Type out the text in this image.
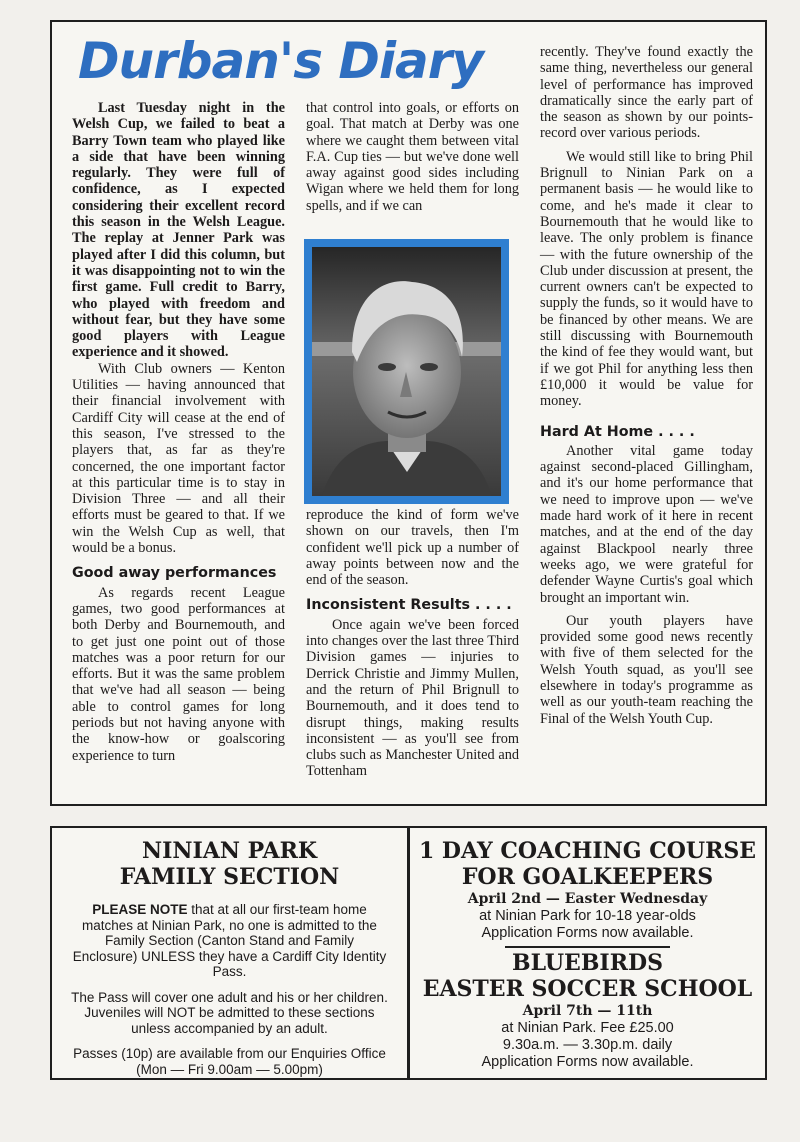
Durban's Diary

Last Tuesday night in the Welsh Cup, we failed to beat a Barry Town team who played like a side that have been winning regularly. They were full of confidence, as I expected considering their excellent record this season in the Welsh League. The replay at Jenner Park was played after I did this column, but it was disappointing not to win the first game. Full credit to Barry, who played with freedom and without fear, but they have some good players with League experience and it showed.

With Club owners — Kenton Utilities — having announced that their financial involvement with Cardiff City will cease at the end of this season, I've stressed to the players that, as far as they're concerned, the one important factor at this particular time is to stay in Division Three — and all their efforts must be geared to that. If we win the Welsh Cup as well, that would be a bonus.

Good away performances

As regards recent League games, two good performances at both Derby and Bournemouth, and to get just one point out of those matches was a poor return for our efforts. But it was the same problem that we've had all season — being able to control games for long periods but not having anyone with the know-how or goalscoring experience to turn

that control into goals, or efforts on goal. That match at Derby was one where we caught them between vital F.A. Cup ties — but we've done well away against good sides including Wigan where we held them for long spells, and if we can

reproduce the kind of form we've shown on our travels, then I'm confident we'll pick up a number of away points between now and the end of the season.

Inconsistent Results . . . .

Once again we've been forced into changes over the last three Third Division games — injuries to Derrick Christie and Jimmy Mullen, and the return of Phil Brignull to Bournemouth, and it does tend to disrupt things, making results inconsistent — as you'll see from clubs such as Manchester United and Tottenham

recently. They've found exactly the same thing, nevertheless our general level of performance has improved dramatically since the early part of the season as shown by our points-record over various periods.

We would still like to bring Phil Brignull to Ninian Park on a permanent basis — he would like to come, and he's made it clear to Bournemouth that he would like to leave. The only problem is finance — with the future ownership of the Club under discussion at present, the current owners can't be expected to supply the funds, so it would have to be financed by other means. We are still discussing with Bournemouth the kind of fee they would want, but if we got Phil for anything less then £10,000 it would be value for money.

Hard At Home . . . .

Another vital game today against second-placed Gillingham, and it's our home performance that we need to improve upon — we've made hard work of it here in recent matches, and at the end of the day against Blackpool nearly three weeks ago, we were grateful for defender Wayne Curtis's goal which brought an important win.

Our youth players have provided some good news recently with five of them selected for the Welsh Youth squad, as you'll see elsewhere in today's programme as well as our youth-team reaching the Final of the Welsh Youth Cup.

NINIAN PARK
FAMILY SECTION
PLEASE NOTE that at all our first-team home matches at Ninian Park, no one is admitted to the Family Section (Canton Stand and Family Enclosure) UNLESS they have a Cardiff City Identity Pass.
The Pass will cover one adult and his or her children. Juveniles will NOT be admitted to these sections unless accompanied by an adult.
Passes (10p) are available from our Enquiries Office (Mon — Fri 9.00am — 5.00pm)
1 DAY COACHING COURSE
FOR GOALKEEPERS
April 2nd — Easter Wednesday
at Ninian Park for 10-18 year-olds
Application Forms now available.
BLUEBIRDS
EASTER SOCCER SCHOOL
April 7th — 11th
at Ninian Park. Fee £25.00
9.30a.m. — 3.30p.m. daily
Application Forms now available.
